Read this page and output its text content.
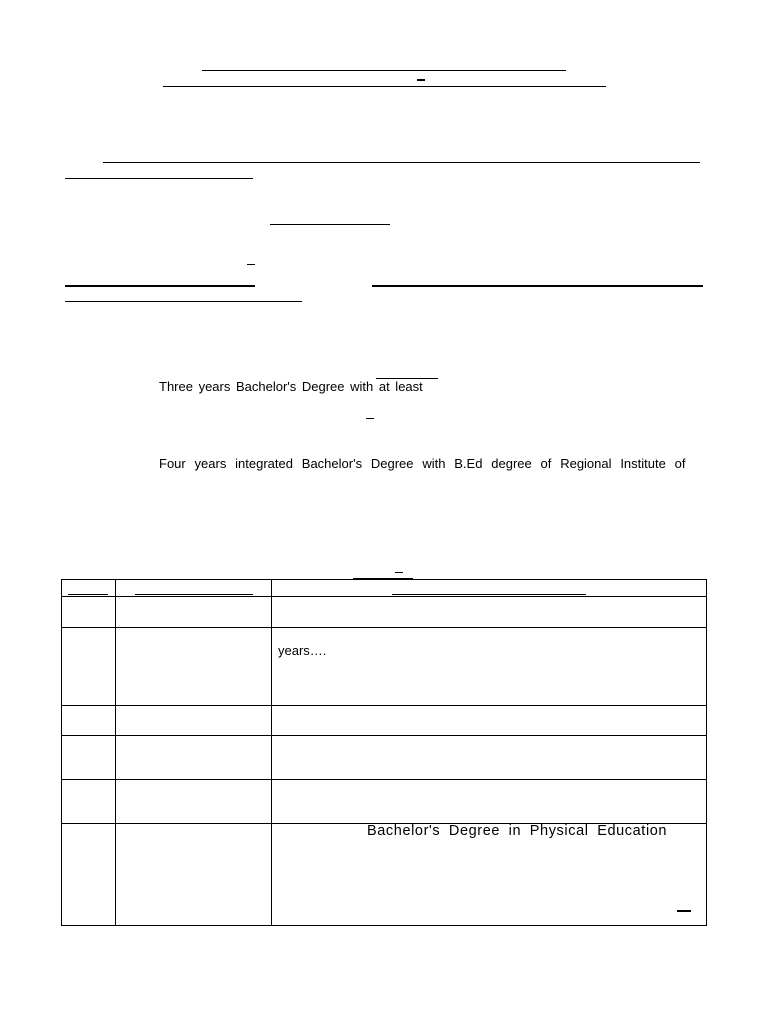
Three years Bachelor's Degree with at least
Four years integrated Bachelor's Degree with B.Ed degree of Regional Institute of
years….
Bachelor's Degree in Physical Education
